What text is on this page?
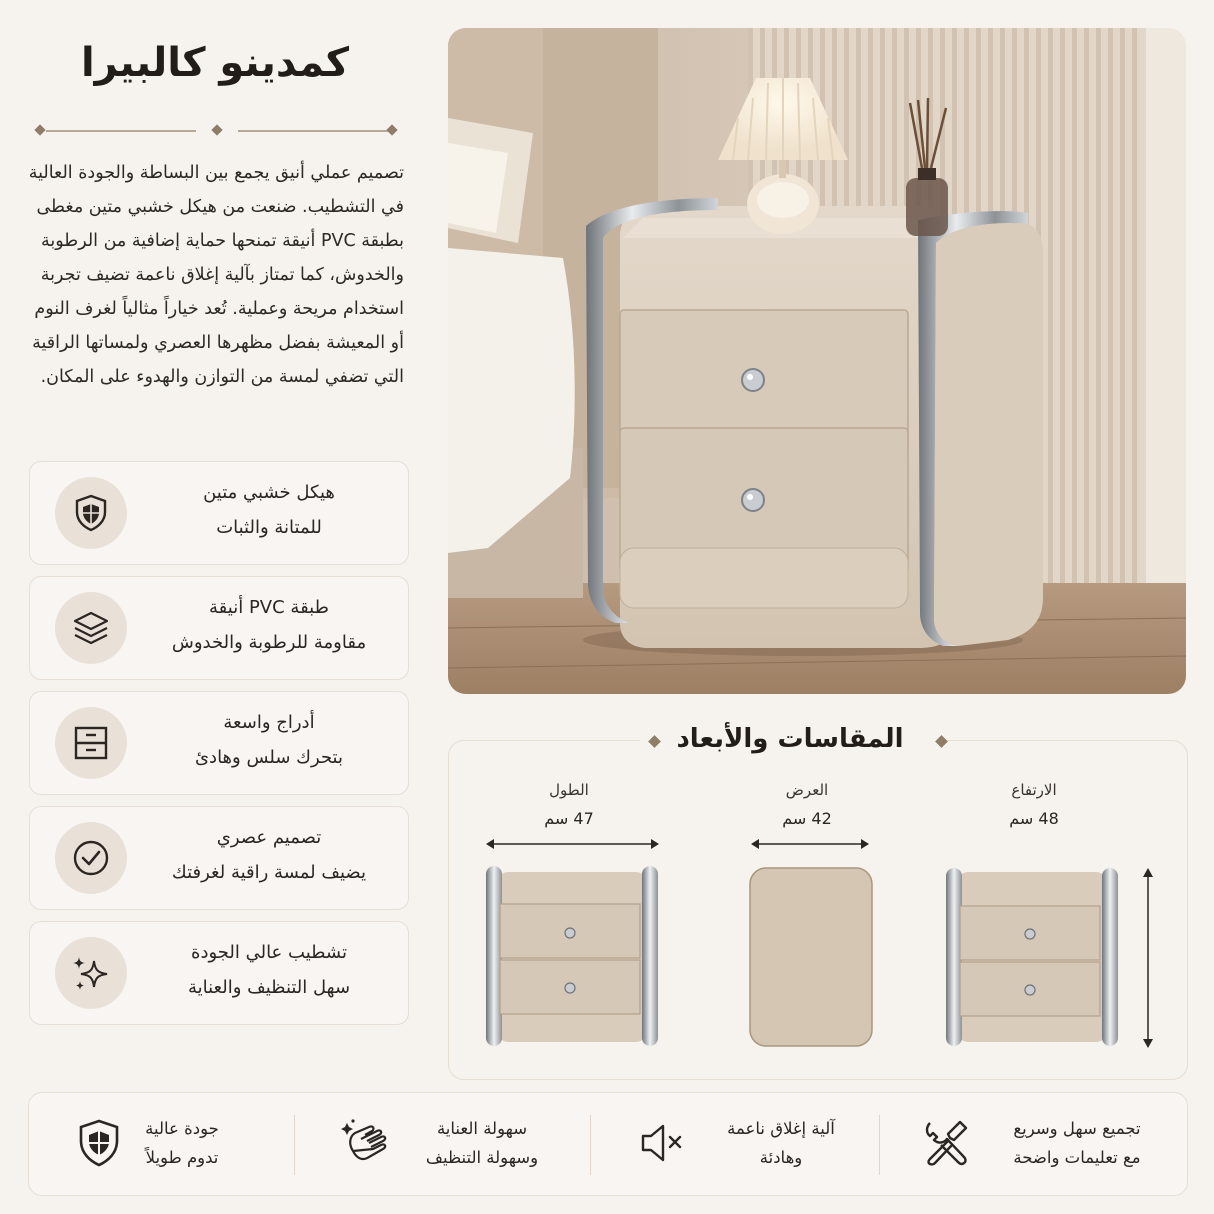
كمدينو كالبيرا
تصميم عملي أنيق يجمع بين البساطة والجودة العالية في التشطيب. ضنعت من هيكل خشبي متين مغطى بطبقة PVC أنيقة تمنحها حماية إضافية من الرطوبة والخدوش، كما تمتاز بآلية إغلاق ناعمة تضيف تجربة استخدام مريحة وعملية. تُعد خياراً مثالياً لغرف النوم أو المعيشة بفضل مظهرها العصري ولمساتها الراقية التي تضفي لمسة من التوازن والهدوء على المكان.
هيكل خشبي متين
للمتانة والثبات
طبقة PVC أنيقة
مقاومة للرطوبة والخدوش
أدراج واسعة
بتحرك سلس وهادئ
تصميم عصري
يضيف لمسة راقية لغرفتك
تشطيب عالي الجودة
سهل التنظيف والعناية
المقاسات والأبعاد
الطول
47 سم
العرض
42 سم
الارتفاع
48 سم
جودة عالية
تدوم طويلاً
سهولة العناية
وسهولة التنظيف
آلية إغلاق ناعمة
وهادئة
تجميع سهل وسريع
مع تعليمات واضحة
